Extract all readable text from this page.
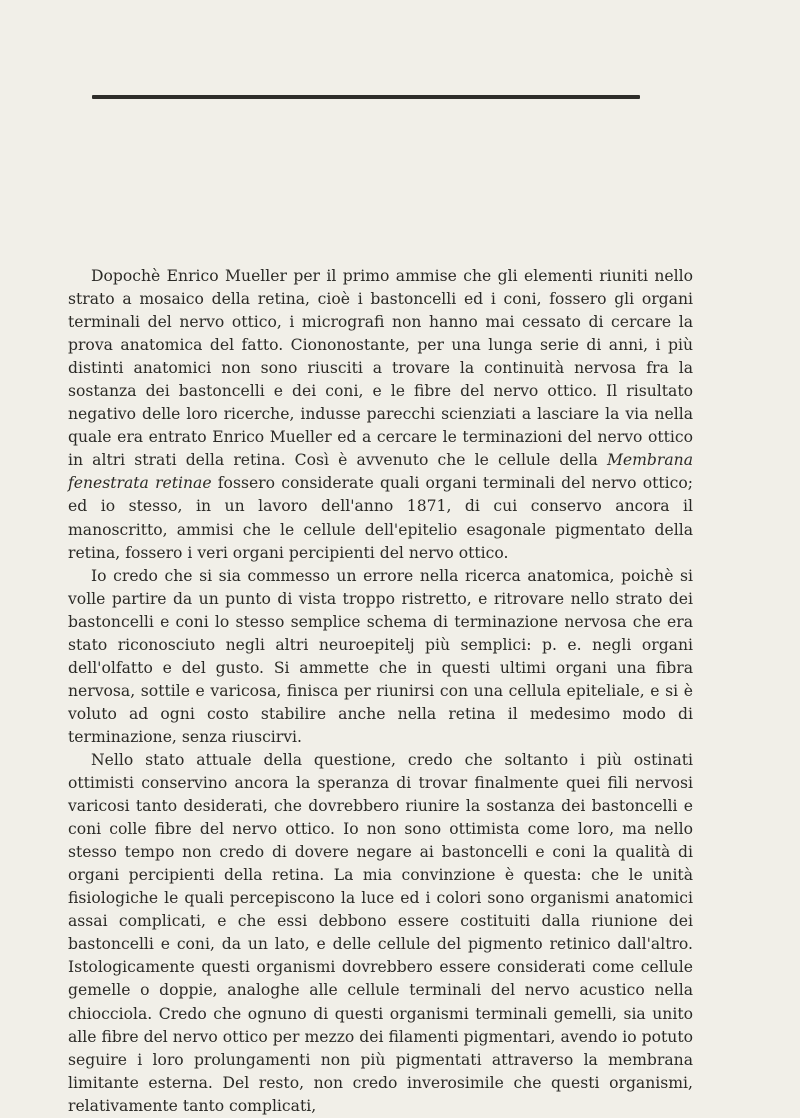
Dopochè Enrico Mueller per il primo ammise che gli elementi riuniti nello strato a mosaico della retina, cioè i bastoncelli ed i coni, fossero gli organi terminali del nervo ottico, i micrografi non hanno mai cessato di cercare la prova anatomica del fatto. Ciononostante, per una lunga serie di anni, i più distinti anatomici non sono riusciti a trovare la continuità nervosa fra la sostanza dei bastoncelli e dei coni, e le fibre del nervo ottico. Il risultato negativo delle loro ricerche, indusse parecchi scienziati a lasciare la via nella quale era entrato Enrico Mueller ed a cercare le terminazioni del nervo ottico in altri strati della retina. Così è avvenuto che le cellule della Membrana fenestrata retinae fossero considerate quali organi terminali del nervo ottico; ed io stesso, in un lavoro dell'anno 1871, di cui conservo ancora il manoscritto, ammisi che le cellule dell'epitelio esagonale pigmentato della retina, fossero i veri organi percipienti del nervo ottico.

Io credo che si sia commesso un errore nella ricerca anatomica, poichè si volle partire da un punto di vista troppo ristretto, e ritrovare nello strato dei bastoncelli e coni lo stesso semplice schema di terminazione nervosa che era stato riconosciuto negli altri neuroepitelj più semplici: p. e. negli organi dell'olfatto e del gusto. Si ammette che in questi ultimi organi una fibra nervosa, sottile e varicosa, finisca per riunirsi con una cellula epiteliale, e si è voluto ad ogni costo stabilire anche nella retina il medesimo modo di terminazione, senza riuscirvi.

Nello stato attuale della questione, credo che soltanto i più ostinati ottimisti conservino ancora la speranza di trovar finalmente quei fili nervosi varicosi tanto desiderati, che dovrebbero riunire la sostanza dei bastoncelli e coni colle fibre del nervo ottico. Io non sono ottimista come loro, ma nello stesso tempo non credo di dovere negare ai bastoncelli e coni la qualità di organi percipienti della retina. La mia convinzione è questa: che le unità fisiologiche le quali percepiscono la luce ed i colori sono organismi anatomici assai complicati, e che essi debbono essere costituiti dalla riunione dei bastoncelli e coni, da un lato, e delle cellule del pigmento retinico dall'altro. Istologicamente questi organismi dovrebbero essere considerati come cellule gemelle o doppie, analoghe alle cellule terminali del nervo acustico nella chiocciola. Credo che ognuno di questi organismi terminali gemelli, sia unito alle fibre del nervo ottico per mezzo dei filamenti pigmentari, avendo io potuto seguire i loro prolungamenti non più pigmentati attraverso la membrana limitante esterna. Del resto, non credo inverosimile che questi organismi, relativamente tanto complicati,
